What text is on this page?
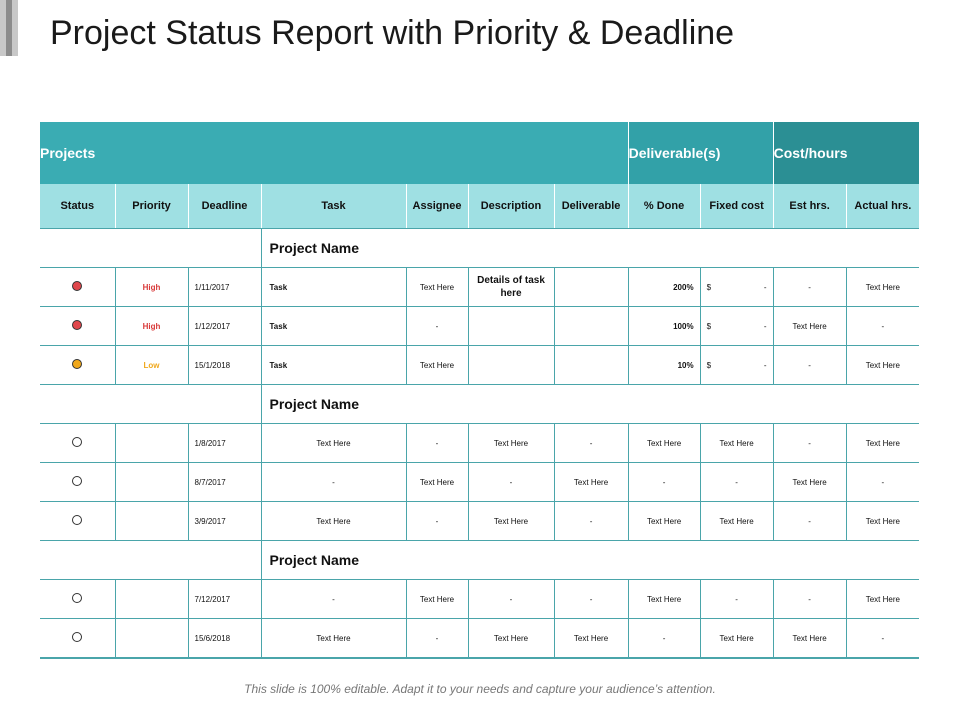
Project Status Report with Priority & Deadline
Projects							Deliverable(s)		Cost/hours	
Status	Priority	Deadline	Task	Assignee	Description	Deliverable	% Done	Fixed cost	Est hrs.	Actual hrs.
			Project Name							
	High	1/11/2017	Task	Text Here	Details of task here		200%	$ -	-	Text Here
	High	1/12/2017	Task	-			100%	$ -	Text Here	-
	Low	15/1/2018	Task	Text Here			10%	$ -	-	Text Here
			Project Name							
		1/8/2017	Text Here	-	Text Here	-	Text Here	Text Here	-	Text Here
		8/7/2017	-	Text Here	-	Text Here	-	-	Text Here	-
		3/9/2017	Text Here	-	Text Here	-	Text Here	Text Here	-	Text Here
			Project Name							
		7/12/2017	-	Text Here	-	-	Text Here	-	-	Text Here
		15/6/2018	Text Here	-	Text Here	Text Here	-	Text Here	Text Here	-
This slide is 100% editable. Adapt it to your needs and capture your audience’s attention.
